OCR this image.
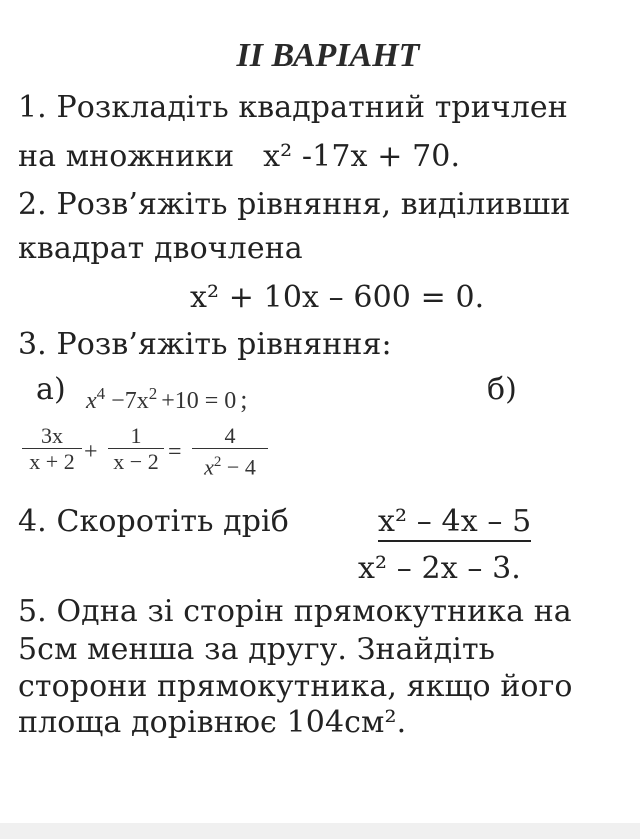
ІІ ВАРІАНТ
1. Розкладіть квадратний тричлен
на множники   x² -17x + 70.
2. Розв’яжіть рівняння, виділивши
квадрат двочлена
x² + 10x – 600 = 0.
3. Розв’яжіть рівняння:
а) $x^4 -7x^2 +10 = 0$ ;	б)
$\frac{3x}{x + 2} + \frac{1}{x - 2} = \frac{4}{x^2 - 4}$
4. Скоротіть дріб	x² – 4x – 5
x² – 2x – 3.
5. Одна зі сторін прямокутника на
5см менша за другу. Знайдіть
сторони прямокутника, якщо його
площа дорівнює 104см².
